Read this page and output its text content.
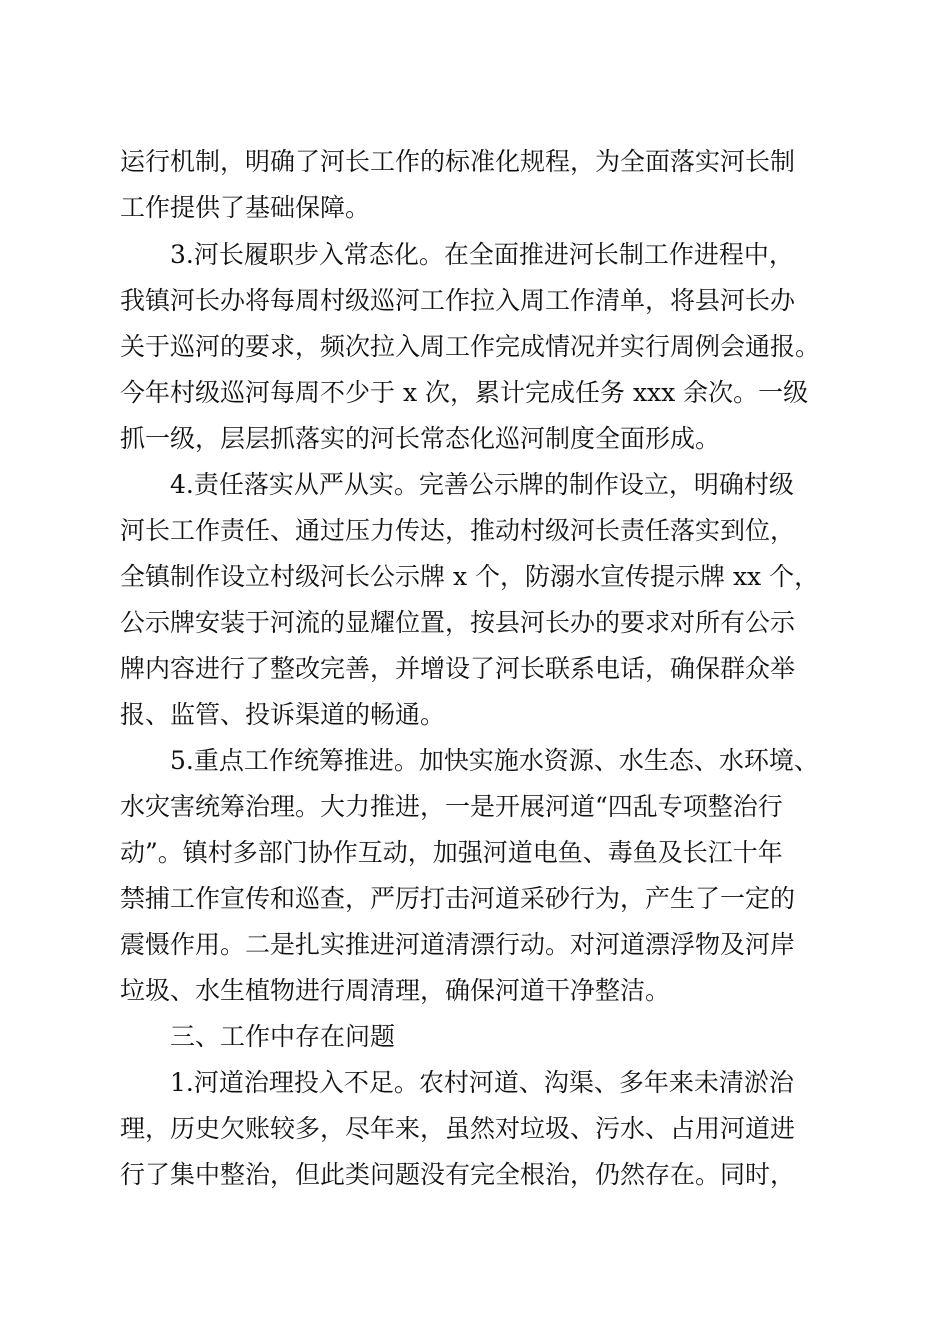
运行机制，明确了河长工作的标准化规程，为全面落实河长制
工作提供了基础保障。
3.河长履职步入常态化。在全面推进河长制工作进程中，
我镇河长办将每周村级巡河工作拉入周工作清单，将县河长办
关于巡河的要求，频次拉入周工作完成情况并实行周例会通报。
今年村级巡河每周不少于 x 次，累计完成任务 xxx 余次。一级
抓一级，层层抓落实的河长常态化巡河制度全面形成。
4.责任落实从严从实。完善公示牌的制作设立，明确村级
河长工作责任、通过压力传达，推动村级河长责任落实到位，
全镇制作设立村级河长公示牌 x 个，防溺水宣传提示牌 xx 个，
公示牌安装于河流的显耀位置，按县河长办的要求对所有公示
牌内容进行了整改完善，并增设了河长联系电话，确保群众举
报、监管、投诉渠道的畅通。
5.重点工作统筹推进。加快实施水资源、水生态、水环境、
水灾害统筹治理。大力推进，一是开展河道“四乱专项整治行
动”。镇村多部门协作互动，加强河道电鱼、毒鱼及长江十年
禁捕工作宣传和巡查，严厉打击河道采砂行为，产生了一定的
震慑作用。二是扎实推进河道清漂行动。对河道漂浮物及河岸
垃圾、水生植物进行周清理，确保河道干净整洁。
三、工作中存在问题
1.河道治理投入不足。农村河道、沟渠、多年来未清淤治
理，历史欠账较多，尽年来，虽然对垃圾、污水、占用河道进
行了集中整治，但此类问题没有完全根治，仍然存在。同时，
